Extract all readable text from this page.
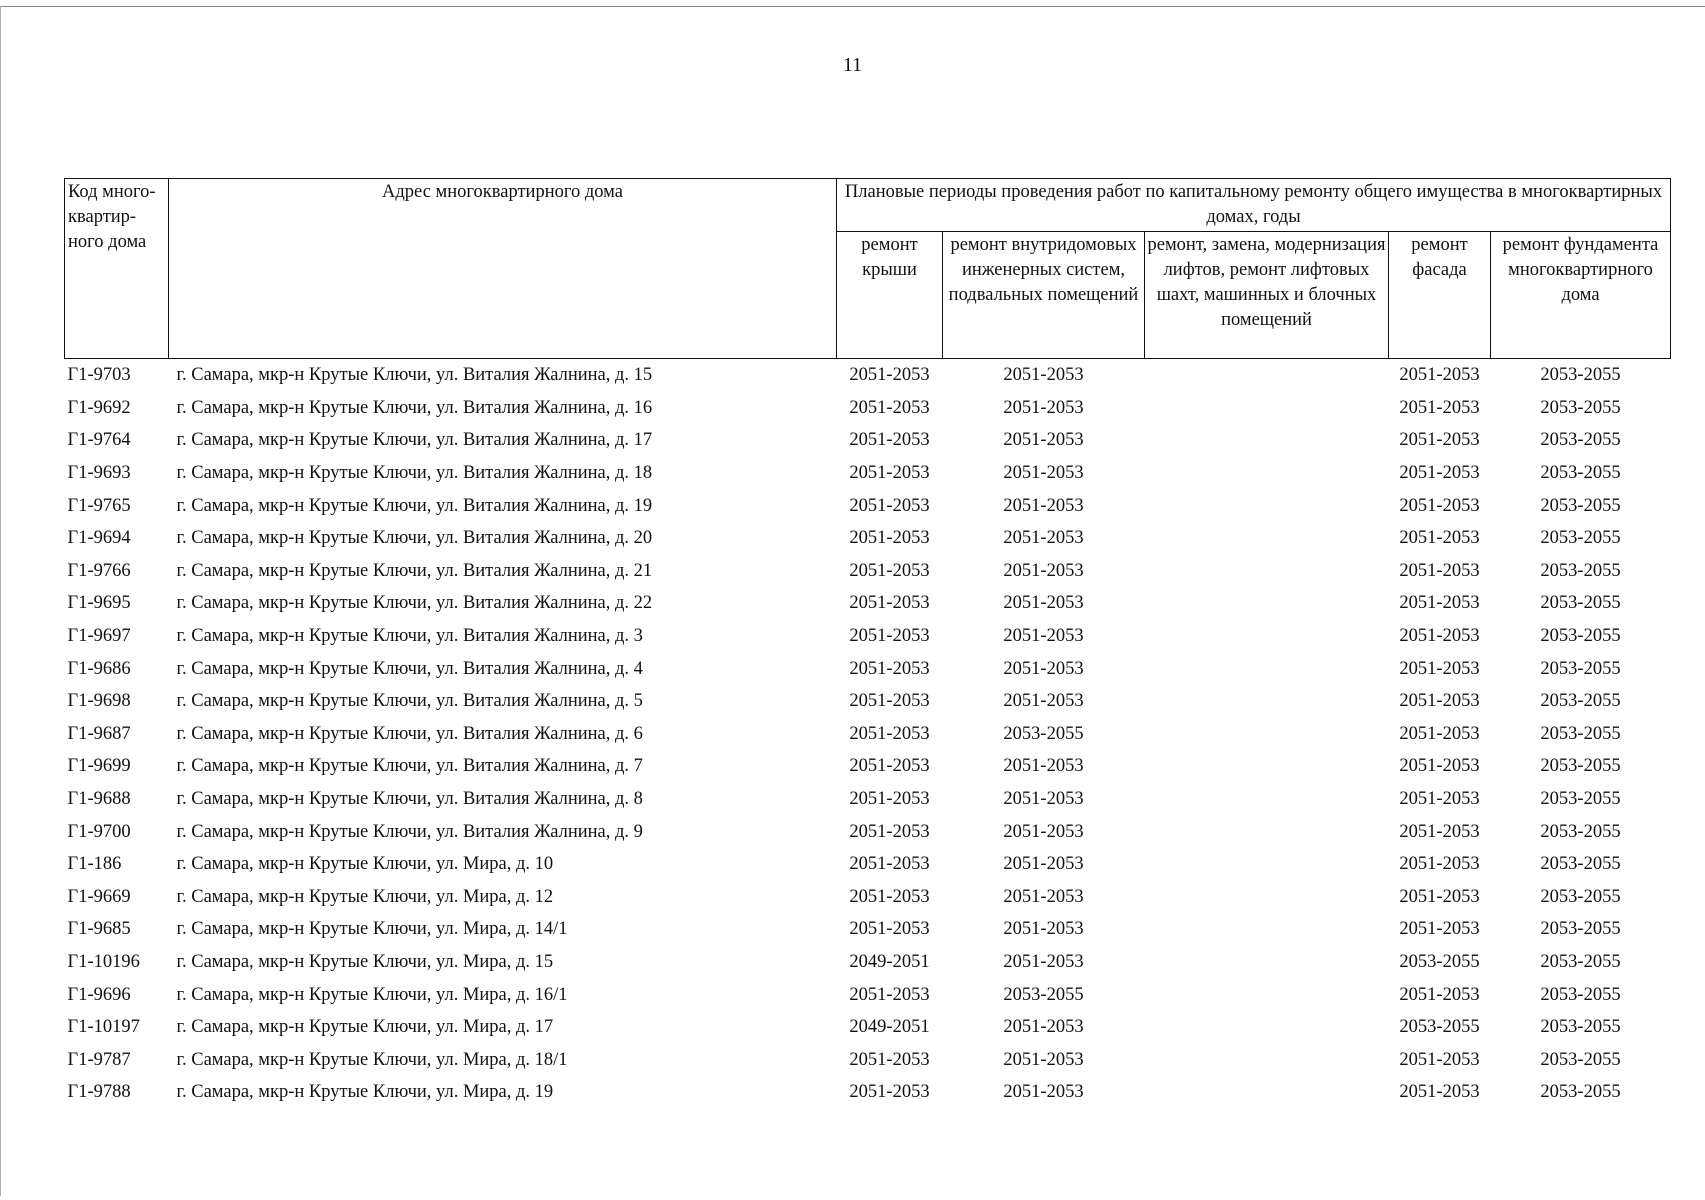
11
Код много-квартир-ного дома	Адрес многоквартирного дома	Плановые периоды проведения работ по капитальному ремонту общего имущества в многоквартирных домах, годы				
		ремонт крыши	ремонт внутридомовых инженерных систем, подвальных помещений	ремонт, замена, модернизация лифтов, ремонт лифтовых шахт, машинных и блочных помещений	ремонт фасада	ремонт фундамента многоквартирного дома
Г1-9703	г. Самара, мкр-н Крутые Ключи, ул. Виталия Жалнина, д. 15	2051-2053	2051-2053		2051-2053	2053-2055
Г1-9692	г. Самара, мкр-н Крутые Ключи, ул. Виталия Жалнина, д. 16	2051-2053	2051-2053		2051-2053	2053-2055
Г1-9764	г. Самара, мкр-н Крутые Ключи, ул. Виталия Жалнина, д. 17	2051-2053	2051-2053		2051-2053	2053-2055
Г1-9693	г. Самара, мкр-н Крутые Ключи, ул. Виталия Жалнина, д. 18	2051-2053	2051-2053		2051-2053	2053-2055
Г1-9765	г. Самара, мкр-н Крутые Ключи, ул. Виталия Жалнина, д. 19	2051-2053	2051-2053		2051-2053	2053-2055
Г1-9694	г. Самара, мкр-н Крутые Ключи, ул. Виталия Жалнина, д. 20	2051-2053	2051-2053		2051-2053	2053-2055
Г1-9766	г. Самара, мкр-н Крутые Ключи, ул. Виталия Жалнина, д. 21	2051-2053	2051-2053		2051-2053	2053-2055
Г1-9695	г. Самара, мкр-н Крутые Ключи, ул. Виталия Жалнина, д. 22	2051-2053	2051-2053		2051-2053	2053-2055
Г1-9697	г. Самара, мкр-н Крутые Ключи, ул. Виталия Жалнина, д. 3	2051-2053	2051-2053		2051-2053	2053-2055
Г1-9686	г. Самара, мкр-н Крутые Ключи, ул. Виталия Жалнина, д. 4	2051-2053	2051-2053		2051-2053	2053-2055
Г1-9698	г. Самара, мкр-н Крутые Ключи, ул. Виталия Жалнина, д. 5	2051-2053	2051-2053		2051-2053	2053-2055
Г1-9687	г. Самара, мкр-н Крутые Ключи, ул. Виталия Жалнина, д. 6	2051-2053	2053-2055		2051-2053	2053-2055
Г1-9699	г. Самара, мкр-н Крутые Ключи, ул. Виталия Жалнина, д. 7	2051-2053	2051-2053		2051-2053	2053-2055
Г1-9688	г. Самара, мкр-н Крутые Ключи, ул. Виталия Жалнина, д. 8	2051-2053	2051-2053		2051-2053	2053-2055
Г1-9700	г. Самара, мкр-н Крутые Ключи, ул. Виталия Жалнина, д. 9	2051-2053	2051-2053		2051-2053	2053-2055
Г1-186	г. Самара, мкр-н Крутые Ключи, ул. Мира, д. 10	2051-2053	2051-2053		2051-2053	2053-2055
Г1-9669	г. Самара, мкр-н Крутые Ключи, ул. Мира, д. 12	2051-2053	2051-2053		2051-2053	2053-2055
Г1-9685	г. Самара, мкр-н Крутые Ключи, ул. Мира, д. 14/1	2051-2053	2051-2053		2051-2053	2053-2055
Г1-10196	г. Самара, мкр-н Крутые Ключи, ул. Мира, д. 15	2049-2051	2051-2053		2053-2055	2053-2055
Г1-9696	г. Самара, мкр-н Крутые Ключи, ул. Мира, д. 16/1	2051-2053	2053-2055		2051-2053	2053-2055
Г1-10197	г. Самара, мкр-н Крутые Ключи, ул. Мира, д. 17	2049-2051	2051-2053		2053-2055	2053-2055
Г1-9787	г. Самара, мкр-н Крутые Ключи, ул. Мира, д. 18/1	2051-2053	2051-2053		2051-2053	2053-2055
Г1-9788	г. Самара, мкр-н Крутые Ключи, ул. Мира, д. 19	2051-2053	2051-2053		2051-2053	2053-2055
